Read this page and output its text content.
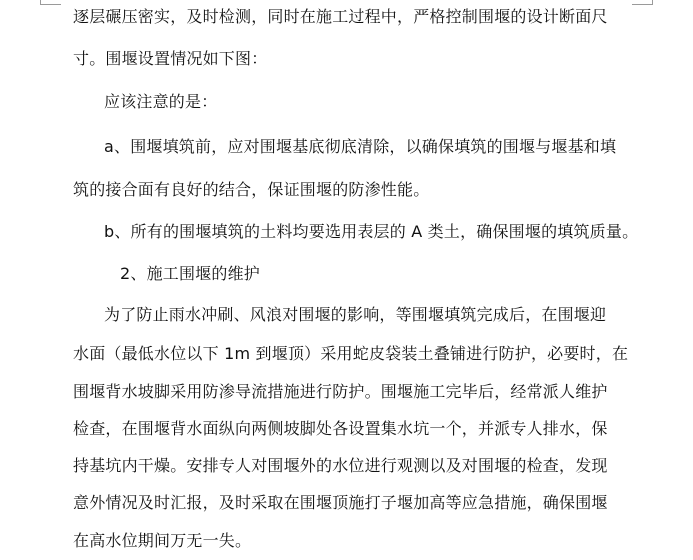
逐层碾压密实，及时检测，同时在施工过程中，严格控制围堰的设计断面尺
寸。围堰设置情况如下图：
应该注意的是：
a、围堰填筑前，应对围堰基底彻底清除，以确保填筑的围堰与堰基和填
筑的接合面有良好的结合，保证围堰的防渗性能。
b、所有的围堰填筑的土料均要选用表层的 A 类土，确保围堰的填筑质量。
2、施工围堰的维护
为了防止雨水冲刷、风浪对围堰的影响，等围堰填筑完成后，在围堰迎
水面（最低水位以下 1m 到堰顶）采用蛇皮袋装土叠铺进行防护，必要时，在
围堰背水坡脚采用防渗导流措施进行防护。围堰施工完毕后，经常派人维护
检查，在围堰背水面纵向两侧坡脚处各设置集水坑一个，并派专人排水，保
持基坑内干燥。安排专人对围堰外的水位进行观测以及对围堰的检查，发现
意外情况及时汇报，及时采取在围堰顶施打子堰加高等应急措施，确保围堰
在高水位期间万无一失。
